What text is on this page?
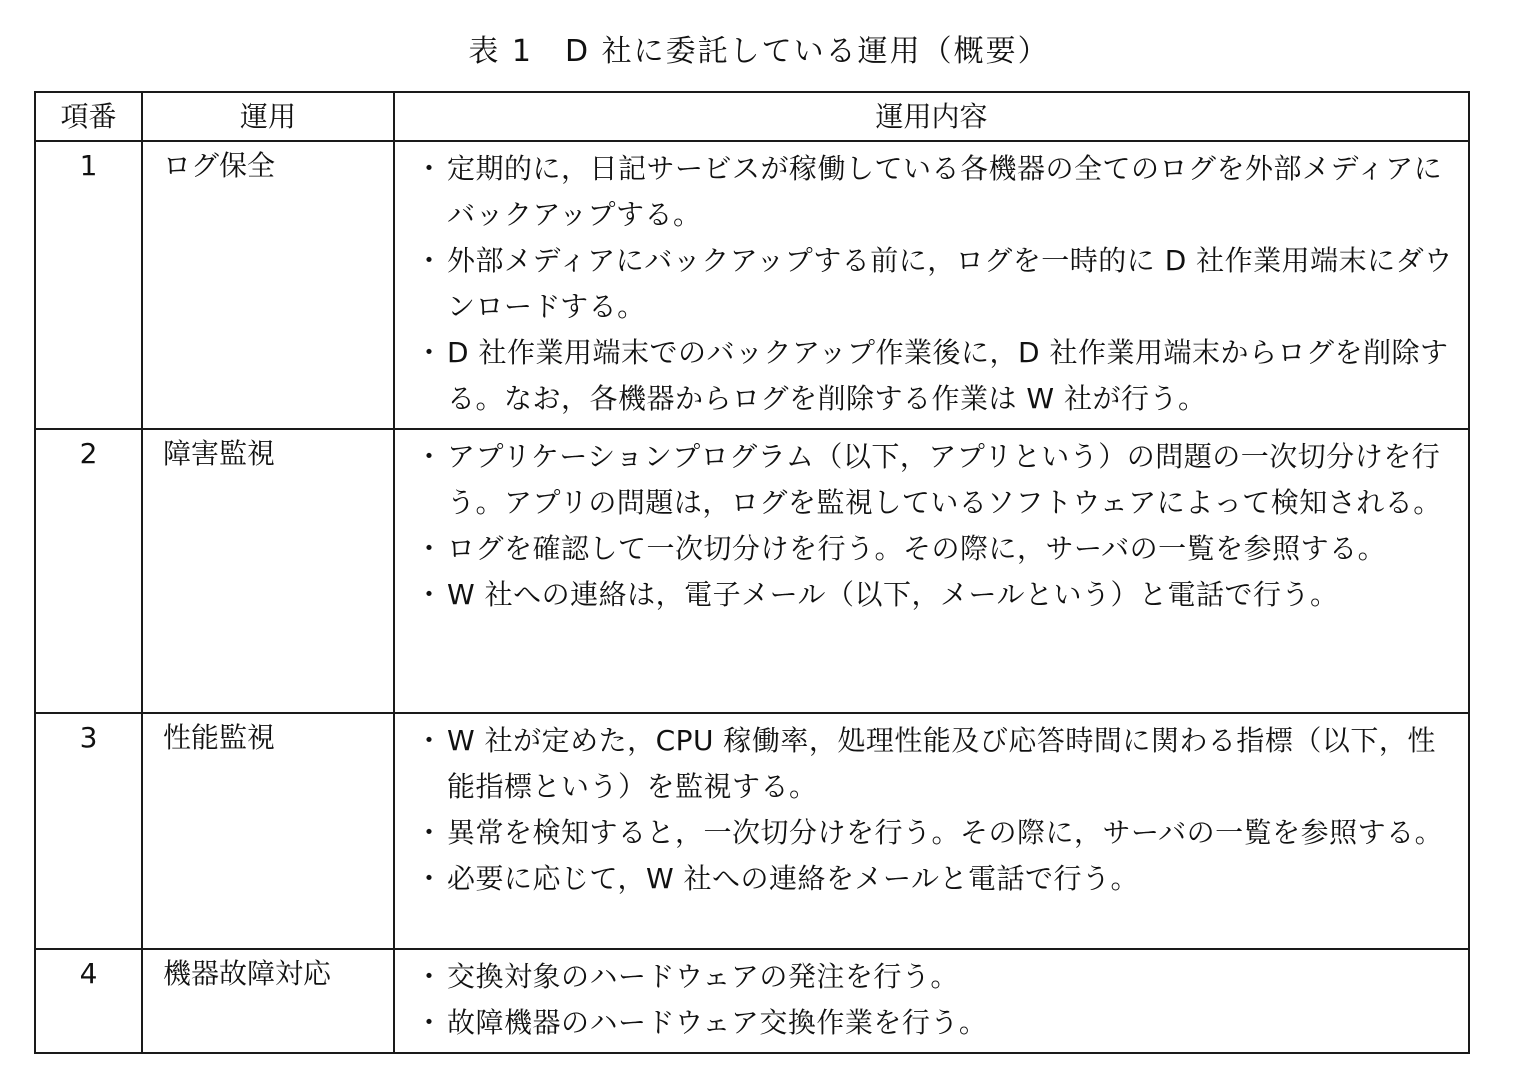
表 1　D 社に委託している運用（概要）
項番	運用	運用内容
1	ログ保全	・ 定期的に，日記サービスが稼働している各機器の全てのログを外部メディアにバックアップする。
・ 外部メディアにバックアップする前に，ログを一時的に D 社作業用端末にダウンロードする。
・ D 社作業用端末でのバックアップ作業後に，D 社作業用端末からログを削除する。なお，各機器からログを削除する作業は W 社が行う。

2	障害監視	・ アプリケーションプログラム（以下，アプリという）の問題の一次切分けを行う。アプリの問題は，ログを監視しているソフトウェアによって検知される。
・ ログを確認して一次切分けを行う。その際に，サーバの一覧を参照する。
・ W 社への連絡は，電子メール（以下，メールという）と電話で行う。

3	性能監視	・ W 社が定めた，CPU 稼働率，処理性能及び応答時間に関わる指標（以下，性能指標という）を監視する。
・ 異常を検知すると，一次切分けを行う。その際に，サーバの一覧を参照する。
・ 必要に応じて，W 社への連絡をメールと電話で行う。

4	機器故障対応	・ 交換対象のハードウェアの発注を行う。
・ 故障機器のハードウェア交換作業を行う。
